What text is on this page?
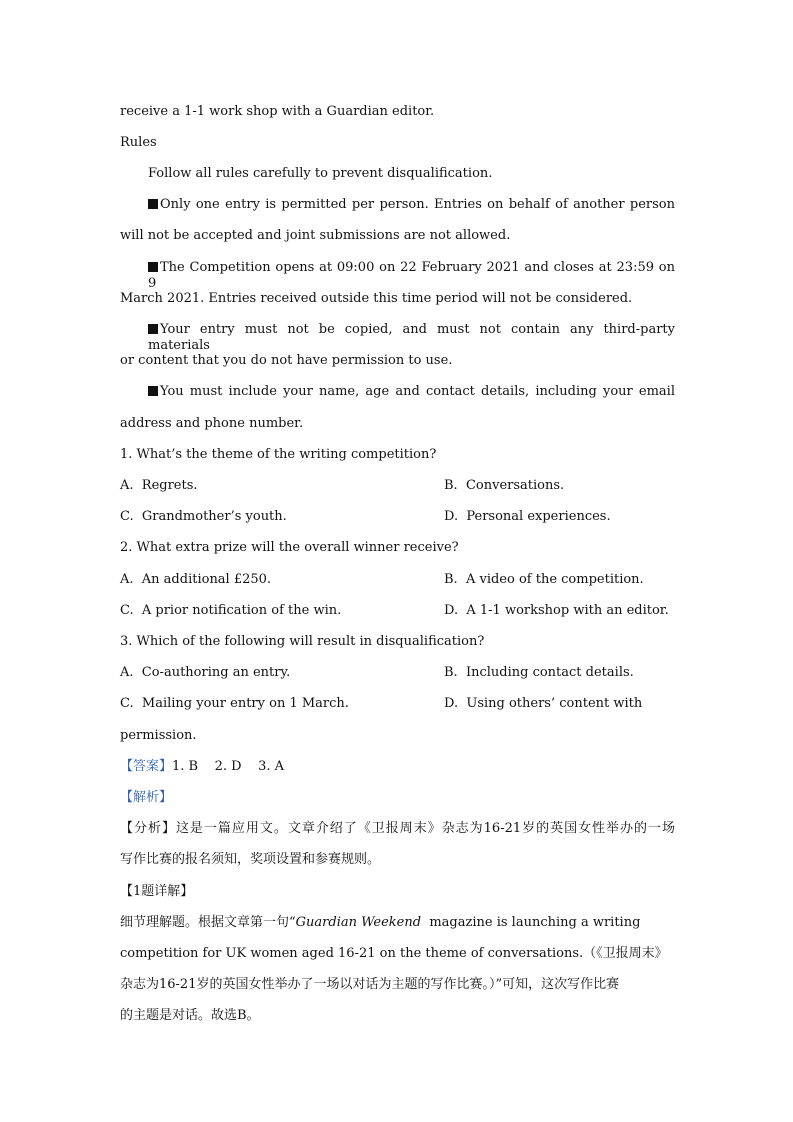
receive a 1-1 work shop with a Guardian editor.
Rules
Follow all rules carefully to prevent disqualification.
Only one entry is permitted per person. Entries on behalf of another person
will not be accepted and joint submissions are not allowed.
The Competition opens at 09:00 on 22 February 2021 and closes at 23:59 on 9
March 2021. Entries received outside this time period will not be considered.
Your entry must not be copied, and must not contain any third-party materials
or content that you do not have permission to use.
You must include your name, age and contact details, including your email
address and phone number.
1. What’s the theme of the writing competition?
A.  Regrets.	B.  Conversations.
C.  Grandmother’s youth.	D.  Personal experiences.
2. What extra prize will the overall winner receive?
A.  An additional £250.	B.  A video of the competition.
C.  A prior notification of the win.	D.  A 1-1 workshop with an editor.
3. Which of the following will result in disqualification?
A.  Co-authoring an entry.	B.  Including contact details.
C.  Mailing your entry on 1 March.	D.  Using others’ content with
permission.
【答案】1. B    2. D    3. A
【解析】
【分析】这是一篇应用文。文章介绍了《卫报周末》杂志为16-21岁的英国女性举办的一场
写作比赛的报名须知，奖项设置和参赛规则。
【1题详解】
细节理解题。根据文章第一句“Guardian Weekend  magazine is launching a writing
competition for UK women aged 16-21 on the theme of conversations.（《卫报周末》
杂志为16-21岁的英国女性举办了一场以对话为主题的写作比赛。）”可知，这次写作比赛
的主题是对话。故选B。
